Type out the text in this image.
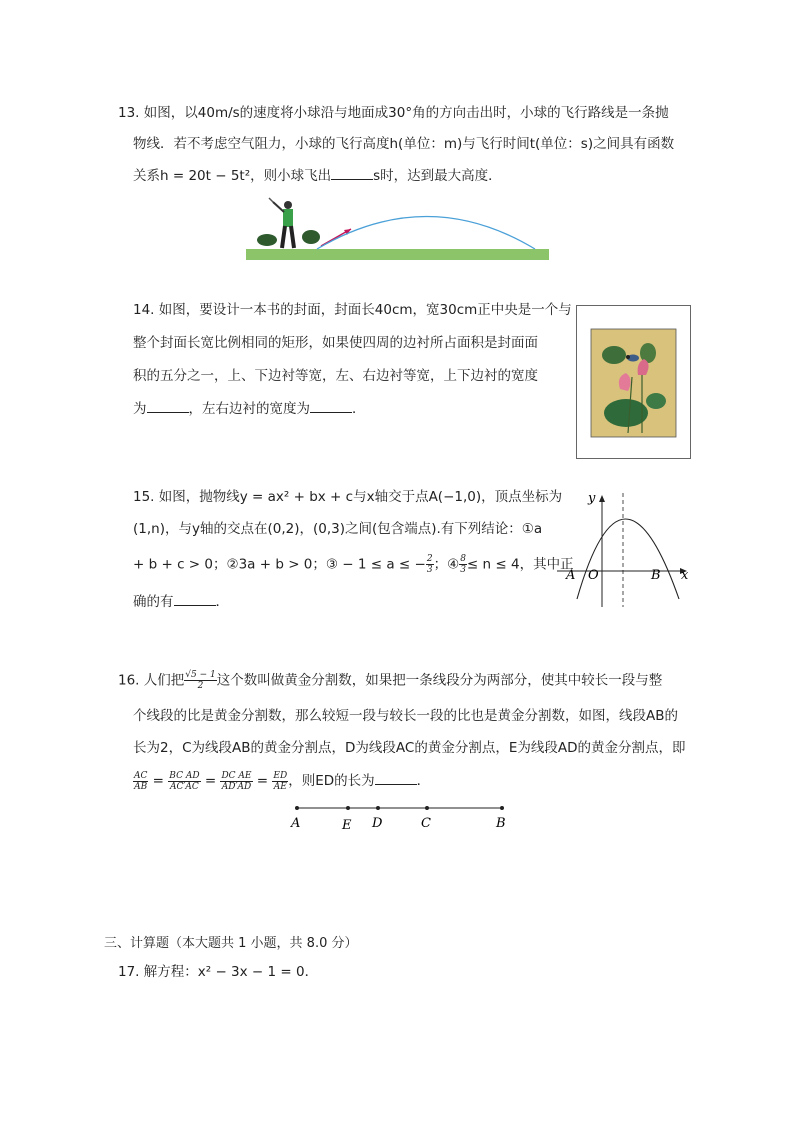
13. 如图，以40m/s的速度将小球沿与地面成30°角的方向击出时，小球的飞行路线是一条抛
物线．若不考虑空气阻力，小球的飞行高度h(单位：m)与飞行时间t(单位：s)之间具有函数
关系h = 20t − 5t²，则小球飞出	s时，达到最大高度．
14. 如图，要设计一本书的封面，封面长40cm，宽30cm正中央是一个与
整个封面长宽比例相同的矩形，如果使四周的边衬所占面积是封面面
积的五分之一，上、下边衬等宽，左、右边衬等宽，上下边衬的宽度
为	，左右边衬的宽度为	．
15. 如图，抛物线y = ax² + bx + c与x轴交于点A(−1,0)，顶点坐标为
(1,n)，与y轴的交点在(0,2)，(0,3)之间(包含端点).有下列结论：①a
+ b + c > 0；②3a + b > 0；③ − 1 ≤ a ≤ − $\frac{2}{3}$ ；④ $\frac{8}{3} \le n \le 4$，其中正
确的有	．
y
x
A O	B
16. 人们把 $\frac{√5 - 1}{2}$ 这个数叫做黄金分割数，如果把一条线段分为两部分，使其中较长一段与整
个线段的比是黄金分割数，那么较短一段与较长一段的比也是黄金分割数，如图，线段AB的
长为2，C为线段AB的黄金分割点，D为线段AC的黄金分割点，E为线段AD的黄金分割点，即
$\frac{AC}{AB} = \frac{\text{BC AD}}{AC'AC} = \frac{\text{DC AE}}{AD'AD} = \frac{ED}{AE}$ ，则ED的长为	．
A	E D	C	B
三、计算题（本大题共 1 小题，共 8.0 分）
17. 解方程：x² − 3x − 1 = 0．
